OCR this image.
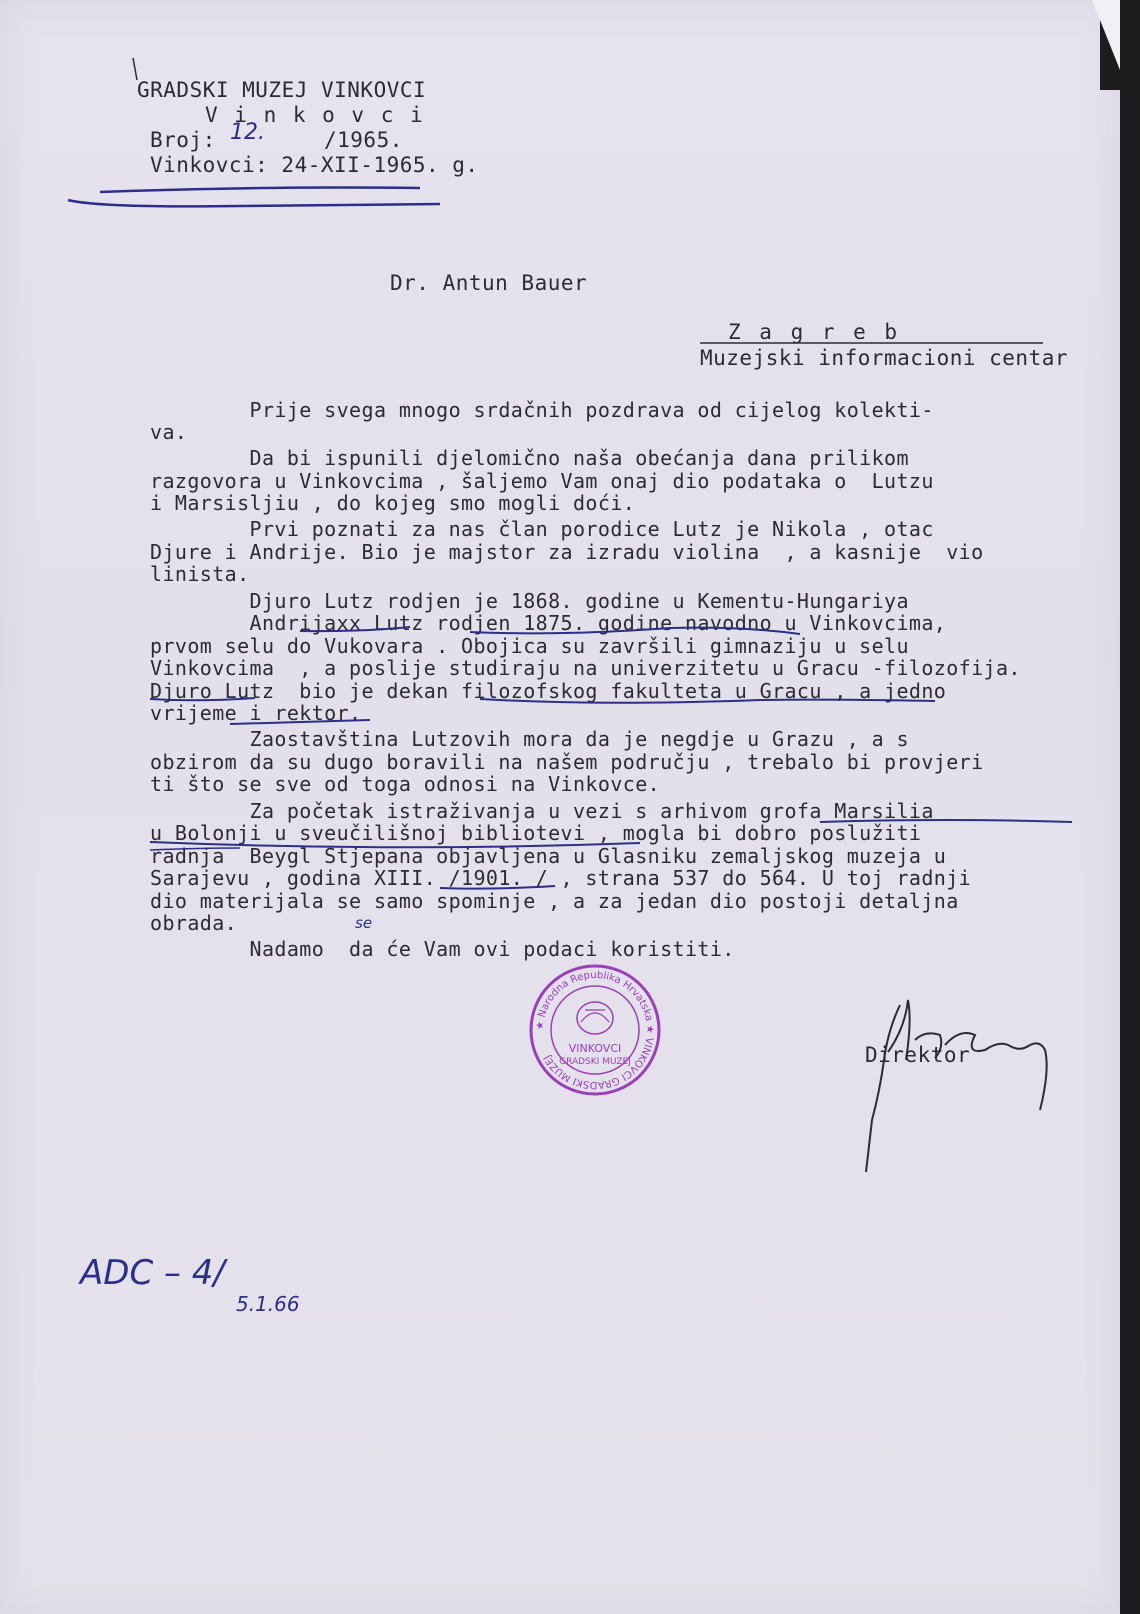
GRADSKI MUZEJ VINKOVCI
V i n k o v c i
Broj: 12.	/1965.
Vinkovci: 24-XII-1965. g.
Dr. Antun Bauer
Z a g r e b
Muzejski informacioni centar
Prije svega mnogo srdačnih pozdrava od cijelog kolekti-
va.
Da bi ispunili djelomično naša obećanja dana prilikom
razgovora u Vinkovcima , šaljemo Vam onaj dio podataka o  Lutzu
i Marsisljiu , do kojeg smo mogli doći.
Prvi poznati za nas član porodice Lutz je Nikola , otac
Djure i Andrije. Bio je majstor za izradu violina  , a kasnije  vio
linista.
Djuro Lutz rodjen je 1868. godine u Kementu-Hungariya
Andrijaxx Lutz rodjen 1875. godine navodno u Vinkovcima,
prvom selu do Vukovara . Obojica su završili gimnaziju u selu
Vinkovcima  , a poslije studiraju na univerzitetu u Gracu -filozofija.
Djuro Lutz  bio je dekan filozofskog fakulteta u Gracu , a jedno
vrijeme i rektor.
Zaostavština Lutzovih mora da je negdje u Grazu , a s
obzirom da su dugo boravili na našem području , trebalo bi provjeri
ti što se sve od toga odnosi na Vinkovce.
Za početak istraživanja u vezi s arhivom grofa Marsilia
u Bolonji u sveučilišnoj bibliotevi , mogla bi dobro poslužiti
radnja  Beygl Stjepana objavljena u Glasniku zemaljskog muzeja u
Sarajevu , godina XIII. /1901. / , strana 537 do 564. U toj radnji
dio materijala se samo spominje , a za jedan dio postoji detaljna
obrada.
Nadamo  da će Vam ovi podaci koristiti.
se
★ Narodna Republika Hrvatska ★ VINKOVCI GRADSKI MUZEJ
VINKOVCI
GRADSKI MUZEJ	Direktor
ADC – 4/
5.1.66
